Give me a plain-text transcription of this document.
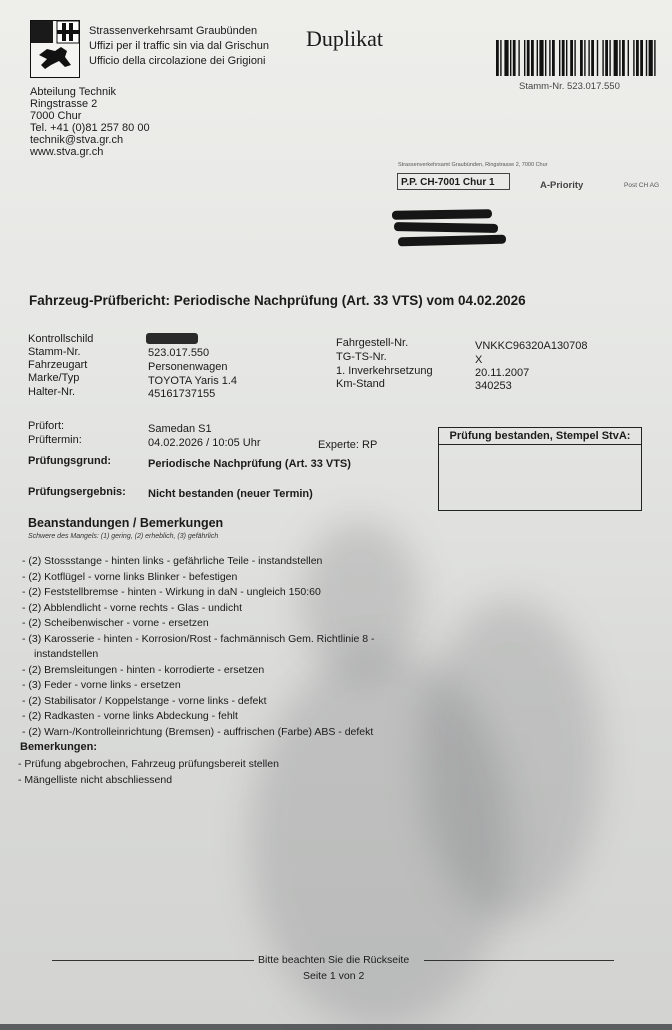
Strassenverkehrsamt Graubünden
Uffizi per il traffic sin via dal Grischun
Ufficio della circolazione dei Grigioni
Duplikat
Stamm-Nr. 523.017.550
Abteilung Technik
Ringstrasse 2
7000 Chur
Tel. +41 (0)81 257 80 00
technik@stva.gr.ch
www.stva.gr.ch
Strassenverkehrsamt Graubünden, Ringstrasse 2, 7000 Chur
P.P. CH-7001 Chur 1	A-Priority	Post CH AG
Fahrzeug-Prüfbericht: Periodische Nachprüfung (Art. 33 VTS) vom 04.02.2026
Kontrollschild
Stamm-Nr.	523.017.550
Fahrzeugart	Personenwagen
Marke/Typ	TOYOTA Yaris 1.4
Halter-Nr.	45161737155
Fahrgestell-Nr.	VNKKC96320A130708
TG-TS-Nr.	X
1. Inverkehrsetzung	20.11.2007
Km-Stand	340253
Prüfort:	Samedan S1
Prüftermin:	04.02.2026 / 10:05 Uhr	Experte: RP
Prüfungsgrund:	Periodische Nachprüfung (Art. 33 VTS)
Prüfungsergebnis: Nicht bestanden (neuer Termin)
Prüfung bestanden, Stempel StvA:
Beanstandungen / Bemerkungen
Schwere des Mangels: (1) gering, (2) erheblich, (3) gefährlich
- (2) Stossstange - hinten links - gefährliche Teile - instandstellen
- (2) Kotflügel - vorne links Blinker - befestigen
- (2) Feststellbremse - hinten - Wirkung in daN - ungleich 150:60
- (2) Abblendlicht - vorne rechts - Glas - undicht
- (2) Scheibenwischer - vorne - ersetzen
- (3) Karosserie - hinten - Korrosion/Rost - fachmännisch Gem. Richtlinie 8 -
instandstellen
- (2) Bremsleitungen - hinten - korrodierte - ersetzen
- (3) Feder - vorne links - ersetzen
- (2) Stabilisator / Koppelstange - vorne links - defekt
- (2) Radkasten - vorne links Abdeckung - fehlt
- (2) Warn-/Kontrolleinrichtung (Bremsen) - auffrischen (Farbe) ABS - defekt
Bemerkungen:
- Prüfung abgebrochen, Fahrzeug prüfungsbereit stellen
- Mängelliste nicht abschliessend
Bitte beachten Sie die Rückseite
Seite 1 von 2
